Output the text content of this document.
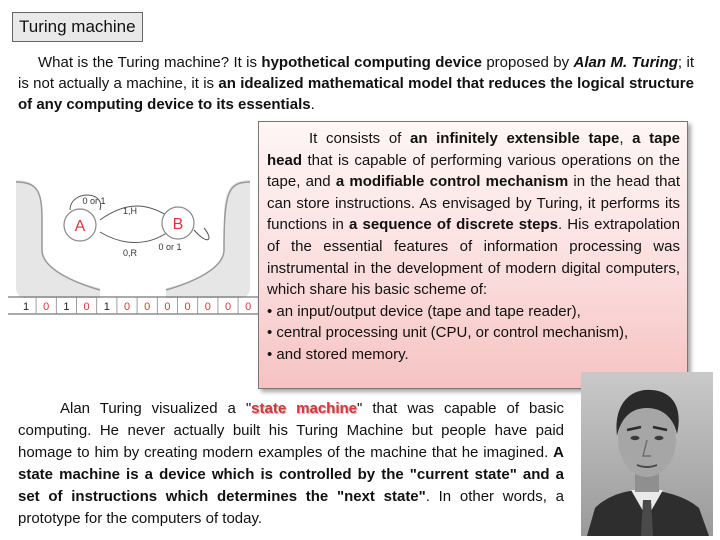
Turing machine

What is the Turing machine? It is hypothetical computing device proposed by Alan M. Turing; it is not actually a machine, it is an idealized mathematical model that reduces the logical structure of any computing device to its essentials.

A	B
0 or 1
1,H
0,R
0 or 1
1 0 1 0 1 0 0 0 0 0 0 0

It consists of an infinitely extensible tape, a tape head that is capable of performing various operations on the tape, and a modifiable control mechanism in the head that can store instructions. As envisaged by Turing, it performs its functions in a sequence of discrete steps. His extrapolation of the essential features of information processing was instrumental in the development of modern digital computers, which share his basic scheme of:
• an input/output device (tape and tape reader),
• central processing unit (CPU, or control mechanism),
• and stored memory.

Alan Turing visualized a "state machine" that was capable of basic computing. He never actually built his Turing Machine but people have paid homage to him by creating modern examples of the machine that he imagined. A state machine is a device which is controlled by the "current state" and a set of instructions which determines the "next state". In other words, a prototype for the computers of today.
